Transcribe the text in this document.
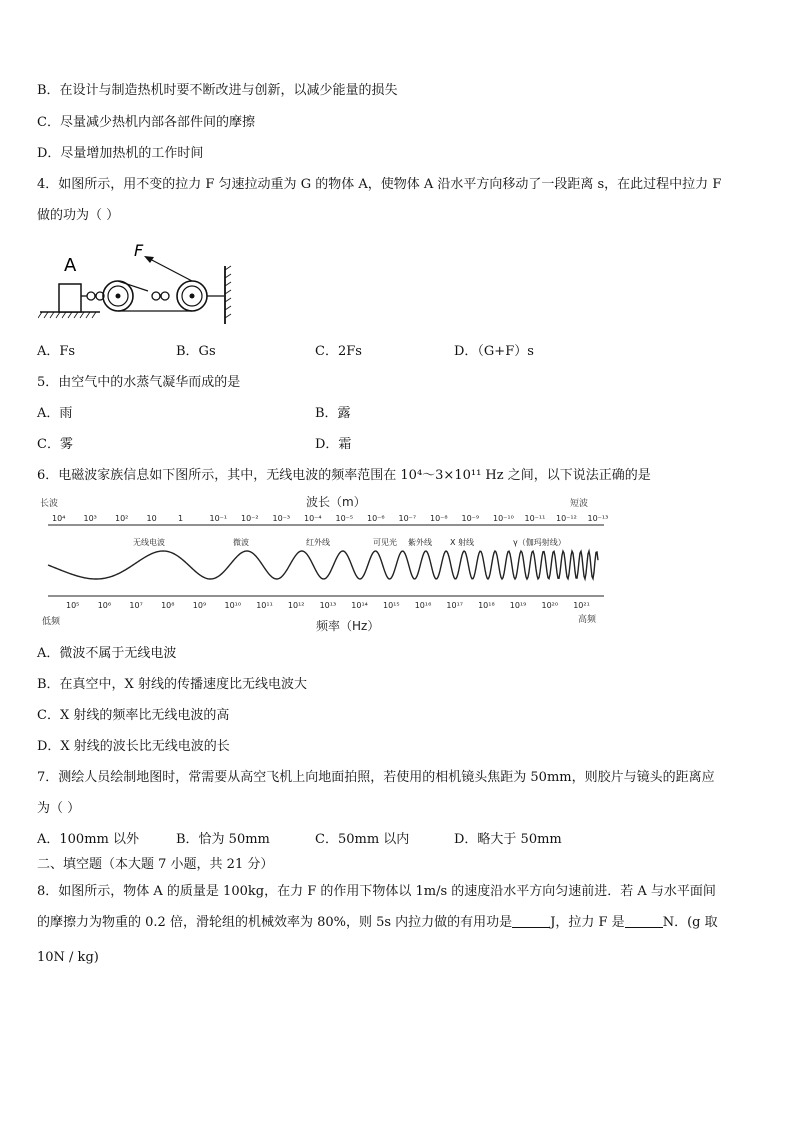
B．在设计与制造热机时要不断改进与创新，以减少能量的损失
C．尽量减少热机内部各部件间的摩擦
D．尽量增加热机的工作时间
4．如图所示，用不变的拉力 F 匀速拉动重为 G 的物体 A，使物体 A 沿水平方向移动了一段距离 s，在此过程中拉力 F
做的功为（ ）
A
F
A．Fs	B．Gs	C．2Fs	D．（G+F）s
5．由空气中的水蒸气凝华而成的是
A．雨	B．露
C．雾	D．霜
6．电磁波家族信息如下图所示，其中，无线电波的频率范围在 10⁴～3×10¹¹ Hz 之间，以下说法正确的是
长波	波长（m）	短波
10⁴ 10³ 10² 10	1	10⁻¹ 10⁻² 10⁻³ 10⁻⁴ 10⁻⁵ 10⁻⁶ 10⁻⁷ 10⁻⁸ 10⁻⁹ 10⁻¹⁰ 10⁻¹¹ 10⁻¹² 10⁻¹³
无线电波	微波	红外线	可见光 紫外线 X 射线	γ（伽玛射线）
10⁵ 10⁶ 10⁷ 10⁸ 10⁹ 10¹⁰ 10¹¹ 10¹² 10¹³ 10¹⁴ 10¹⁵ 10¹⁶ 10¹⁷ 10¹⁸ 10¹⁹ 10²⁰ 10²¹
低频	频率（Hz）	高频
A．微波不属于无线电波
B．在真空中，X 射线的传播速度比无线电波大
C．X 射线的频率比无线电波的高
D．X 射线的波长比无线电波的长
7．测绘人员绘制地图时，常需要从高空飞机上向地面拍照，若使用的相机镜头焦距为 50mm，则胶片与镜头的距离应
为（ ）
A．100mm 以外	B．恰为 50mm	C．50mm 以内	D．略大于 50mm
二、填空题（本大题 7 小题，共 21 分）
8．如图所示，物体 A 的质量是 100kg，在力 F 的作用下物体以 1m/s 的速度沿水平方向匀速前进．若 A 与水平面间
的摩擦力为物重的 0.2 倍，滑轮组的机械效率为 80%，则 5s 内拉力做的有用功是	J，拉力 F 是	N．(g 取
10N / kg)
